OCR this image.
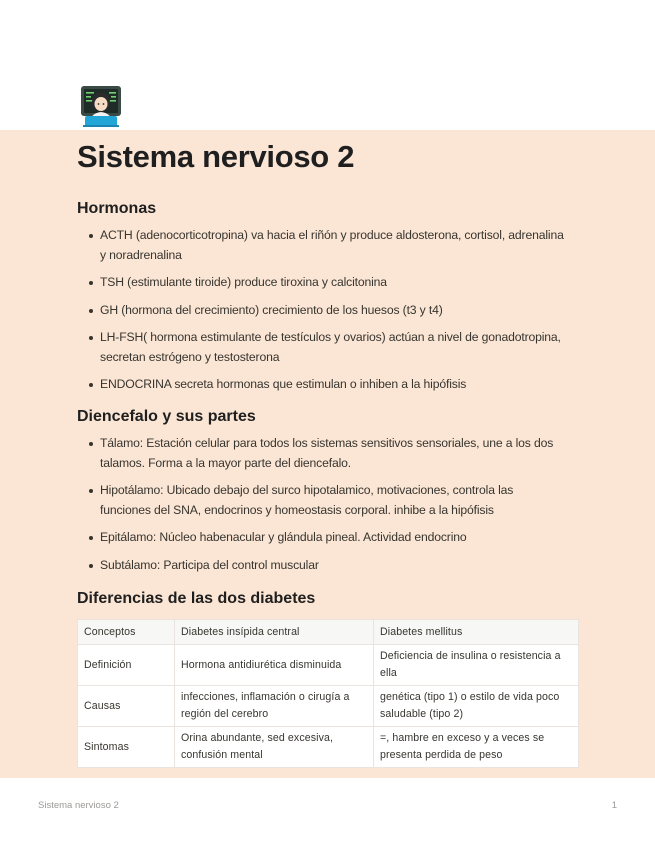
Sistema nervioso 2
Hormonas
ACTH (adenocorticotropina) va hacia el riñón y produce aldosterona, cortisol, adrenalina y noradrenalina
TSH (estimulante tiroide) produce tiroxina y calcitonina
GH (hormona del crecimiento) crecimiento de los huesos (t3 y t4)
LH-FSH( hormona estimulante de testículos y ovarios) actúan a nivel de gonadotropina, secretan estrógeno y testosterona
ENDOCRINA secreta hormonas que estimulan o inhiben a la hipófisis
Diencefalo y sus partes
Tálamo: Estación celular para todos los sistemas sensitivos sensoriales, une a los dos talamos. Forma a la mayor parte del diencefalo.
Hipotálamo: Ubicado debajo del surco hipotalamico, motivaciones, controla las funciones del SNA, endocrinos y homeostasis corporal. inhibe a la hipófisis
Epitálamo: Núcleo habenacular y glándula pineal. Actividad endocrino
Subtálamo: Participa del control muscular
Diferencias de las dos diabetes
Conceptos	Diabetes insípida central	Diabetes mellitus
Definición	Hormona antidiurética disminuida	Deficiencia de insulina o resistencia a ella
Causas	infecciones, inflamación o cirugía a región del cerebro	genética (tipo 1) o estilo de vida poco saludable (tipo 2)
Sintomas	Orina abundante, sed excesiva, confusión mental	=, hambre en exceso y a veces se presenta perdida de peso
Sistema nervioso 2	1
